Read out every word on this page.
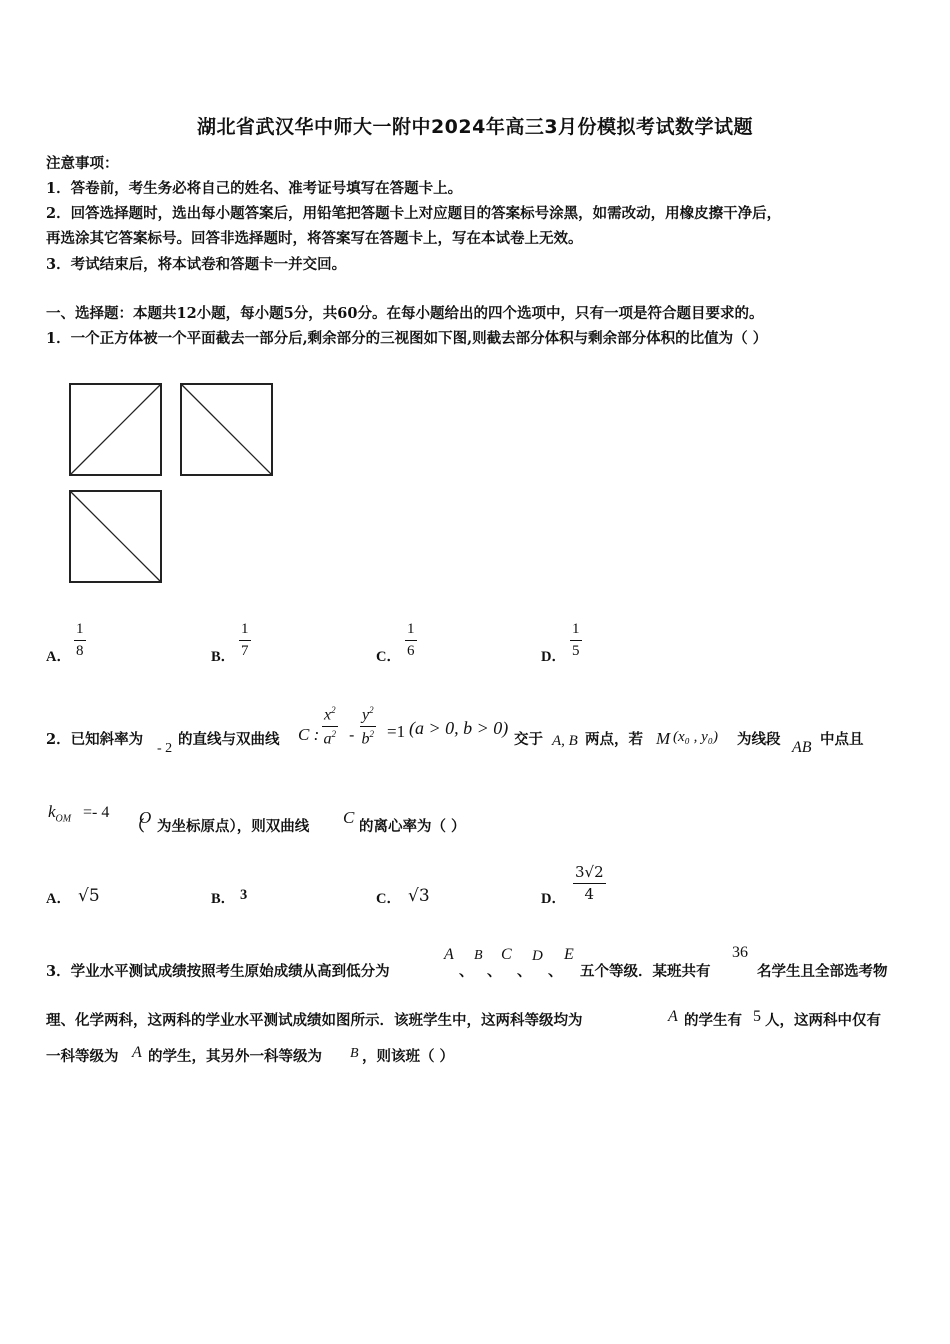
湖北省武汉华中师大一附中2024年高三3月份模拟考试数学试题
注意事项：
1．答卷前，考生务必将自己的姓名、准考证号填写在答题卡上。
2．回答选择题时，选出每小题答案后，用铅笔把答题卡上对应题目的答案标号涂黑，如需改动，用橡皮擦干净后，
再选涂其它答案标号。回答非选择题时，将答案写在答题卡上，写在本试卷上无效。
3．考试结束后，将本试卷和答题卡一并交回。
一、选择题：本题共12小题，每小题5分，共60分。在每小题给出的四个选项中，只有一项是符合题目要求的。
1．一个正方体被一个平面截去一部分后,剩余部分的三视图如下图,则截去部分体积与剩余部分体积的比值为（ ）
A． $\frac{1}{8}$	B． $\frac{1}{7}$	C． $\frac{1}{6}$	D． $\frac{1}{5}$
2．已知斜率为
- 2
的直线与双曲线 C : $\frac{x^2}{a^2} - \frac{y^2}{b^2} =1$ (a > 0, b > 0)
交于 A, B 两点，若 M (x₀ , y₀) 为线段 AB 中点且
$k_{OM} =- 4$
（
O 为坐标原点），则双曲线 C 的离心率为（ ）
A． √5	B． 3	C． √3	D． $\frac{3√2}{4}$
3．学业水平测试成绩按照考生原始成绩从高到低分为
A
、
B
、
C
、
D
、
E
五个等级．某班共有
36
名学生且全部选考物
理、化学两科，这两科的学业水平测试成绩如图所示．该班学生中，这两科等级均为	A 的学生有 5 人，这两科中仅有
一科等级为 A 的学生，其另外一科等级为 B ，则该班（ ）
